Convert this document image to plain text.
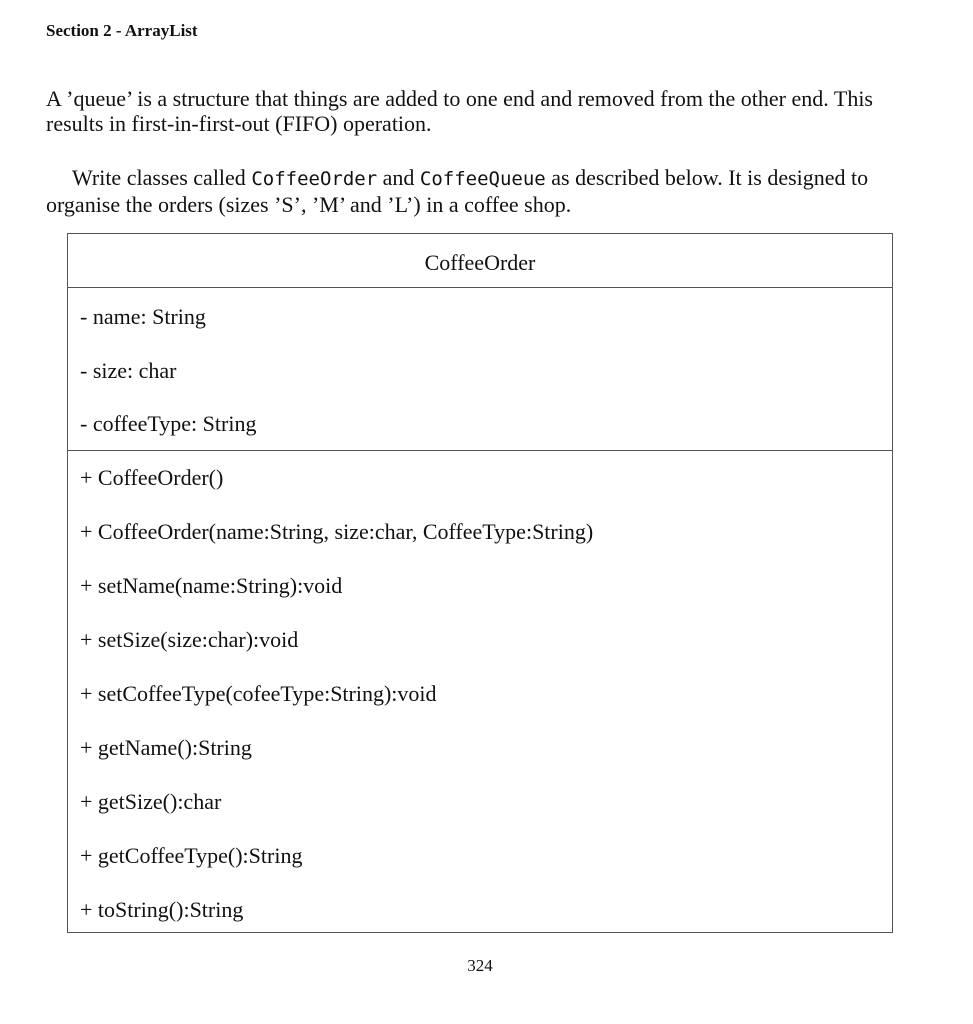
Section 2 - ArrayList

A ’queue’ is a structure that things are added to one end and removed from the other end. This results in first-in-first-out (FIFO) operation.

Write classes called CoffeeOrder and CoffeeQueue as described below. It is designed to organise the orders (sizes ’S’, ’M’ and ’L’) in a coffee shop.

CoffeeOrder
- name: String
- size: char
- coffeeType: String
+ CoffeeOrder()
+ CoffeeOrder(name:String, size:char, CoffeeType:String)
+ setName(name:String):void
+ setSize(size:char):void
+ setCoffeeType(cofeeType:String):void
+ getName():String
+ getSize():char
+ getCoffeeType():String
+ toString():String
324
